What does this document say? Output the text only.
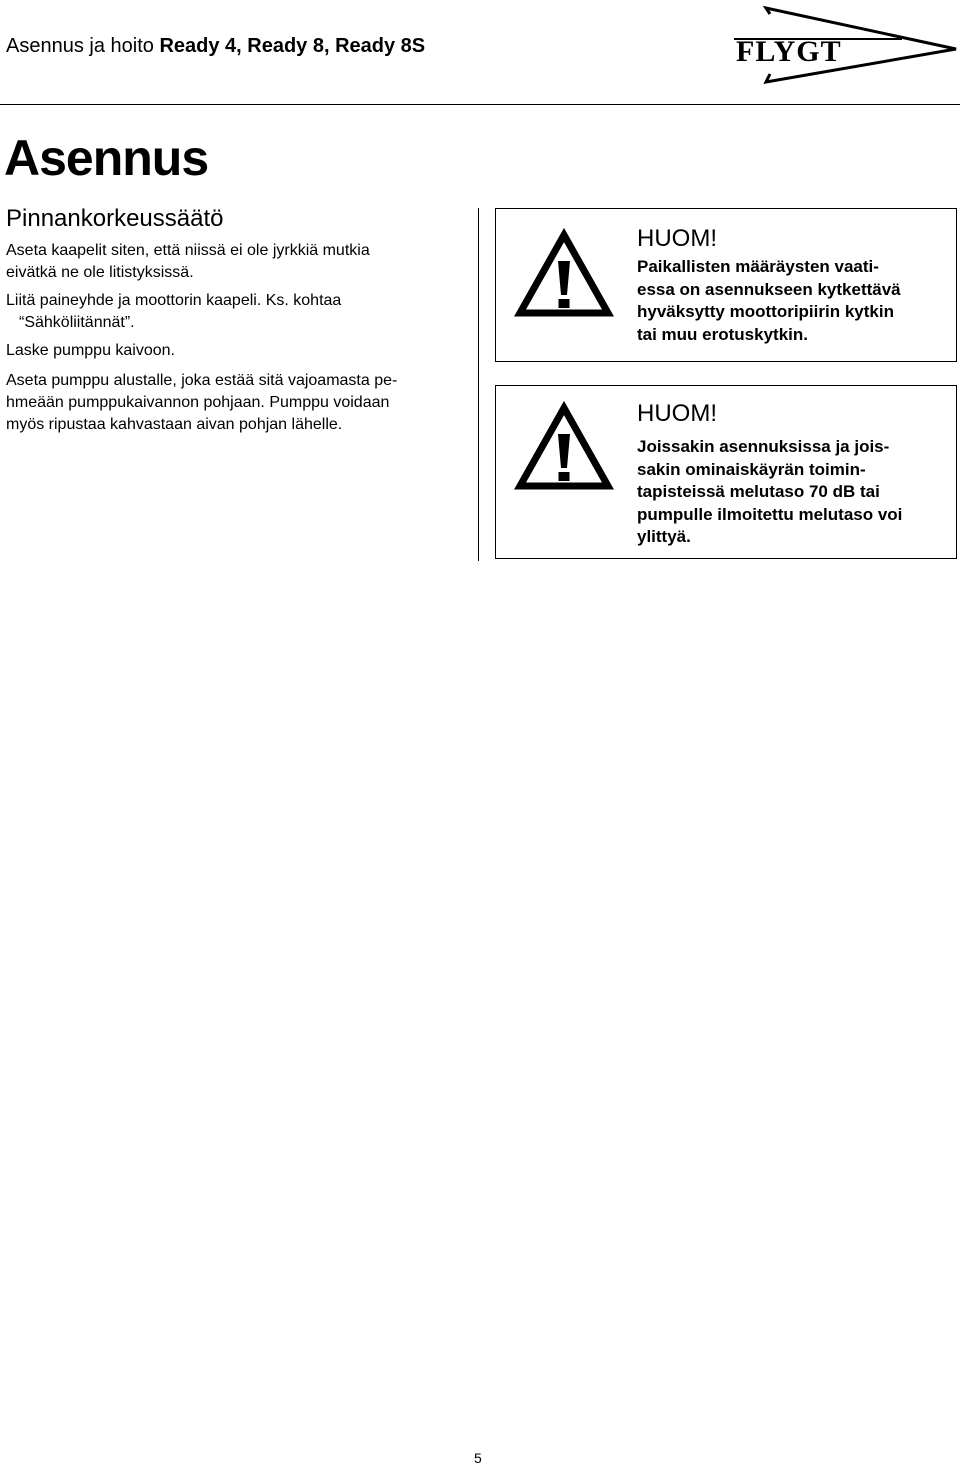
Asennus ja hoito Ready 4, Ready 8, Ready 8S	FLYGT
Asennus
Pinnankorkeussäätö

Aseta kaapelit siten, että niissä ei ole jyrkkiä mutkia
eivätkä ne ole litistyksissä.

Liitä paineyhde ja moottorin kaapeli. Ks. kohtaa
“Sähköliitännät”.

Laske pumppu kaivoon.

Aseta pumppu alustalle, joka estää sitä vajoamasta pe-
hmeään pumppukaivannon pohjaan. Pumppu voidaan
myös ripustaa kahvastaan aivan pohjan lähelle.

HUOM!

Paikallisten määräysten vaati-
essa on asennukseen kytkettävä
hyväksytty moottoripiirin kytkin
tai muu erotuskytkin.

HUOM!

Joissakin asennuksissa ja jois-
sakin ominaiskäyrän toimin-
tapisteissä melutaso 70 dB tai
pumpulle ilmoitettu melutaso voi
ylittyä.

5
